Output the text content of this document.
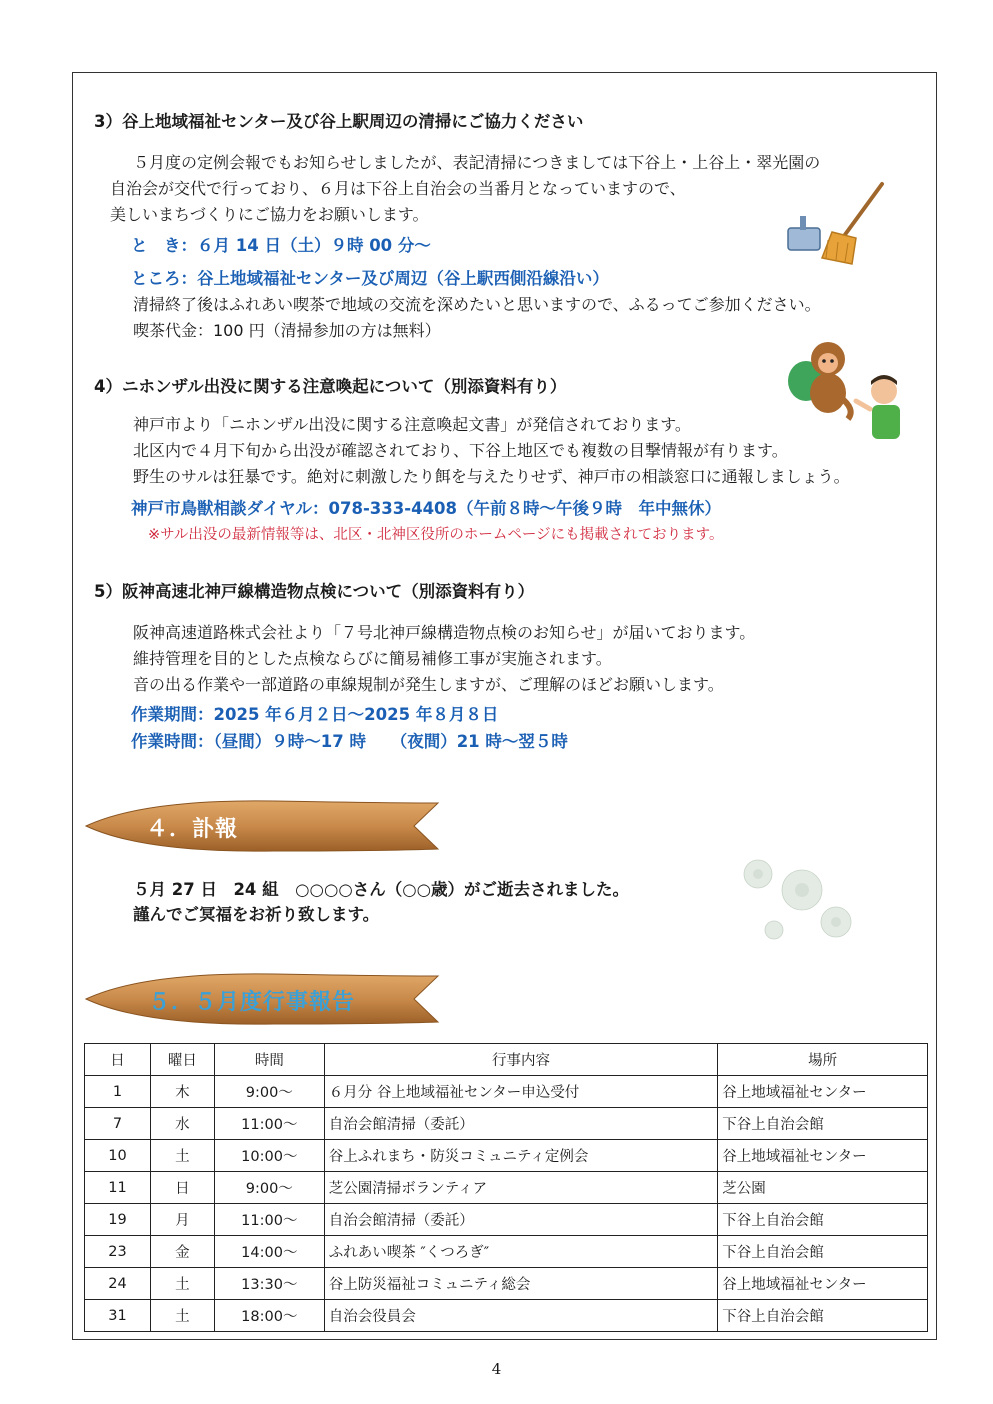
3）谷上地域福祉センター及び谷上駅周辺の清掃にご協力ください
５月度の定例会報でもお知らせしましたが、表記清掃につきましては下谷上・上谷上・翠光園の
自治会が交代で行っており、６月は下谷上自治会の当番月となっていますので、
美しいまちづくりにご協力をお願いします。
と　き：６月 14 日（土）９時 00 分～
ところ：谷上地域福祉センター及び周辺（谷上駅西側沿線沿い）
清掃終了後はふれあい喫茶で地域の交流を深めたいと思いますので、ふるってご参加ください。
喫茶代金：100 円（清掃参加の方は無料）
4）ニホンザル出没に関する注意喚起について（別添資料有り）
神戸市より「ニホンザル出没に関する注意喚起文書」が発信されております。
北区内で４月下旬から出没が確認されており、下谷上地区でも複数の目撃情報が有ります。
野生のサルは狂暴です。絶対に刺激したり餌を与えたりせず、神戸市の相談窓口に通報しましょう。
神戸市鳥獣相談ダイヤル：078-333-4408（午前８時～午後９時　年中無休）
※サル出没の最新情報等は、北区・北神区役所のホームページにも掲載されております。
5）阪神高速北神戸線構造物点検について（別添資料有り）
阪神高速道路株式会社より「７号北神戸線構造物点検のお知らせ」が届いております。
維持管理を目的とした点検ならびに簡易補修工事が実施されます。
音の出る作業や一部道路の車線規制が発生しますが、ご理解のほどお願いします。
作業期間：2025 年６月２日～2025 年８月８日
作業時間：（昼間）９時～17 時　　（夜間）21 時～翌５時
４．訃報
５月 27 日　24 組　○○○○さん（○○歳）がご逝去されました。
謹んでご冥福をお祈り致します。
５．５月度行事報告
日	曜日	時間	行事内容	場所
1	木	9:00～	６月分 谷上地域福祉センター申込受付	谷上地域福祉センター
7	水	11:00～	自治会館清掃（委託）	下谷上自治会館
10	土	10:00～	谷上ふれまち・防災コミュニティ定例会	谷上地域福祉センター
11	日	9:00～	芝公園清掃ボランティア	芝公園
19	月	11:00～	自治会館清掃（委託）	下谷上自治会館
23	金	14:00～	ふれあい喫茶 ″くつろぎ″	下谷上自治会館
24	土	13:30～	谷上防災福祉コミュニティ総会	谷上地域福祉センター
31	土	18:00～	自治会役員会	下谷上自治会館
4
